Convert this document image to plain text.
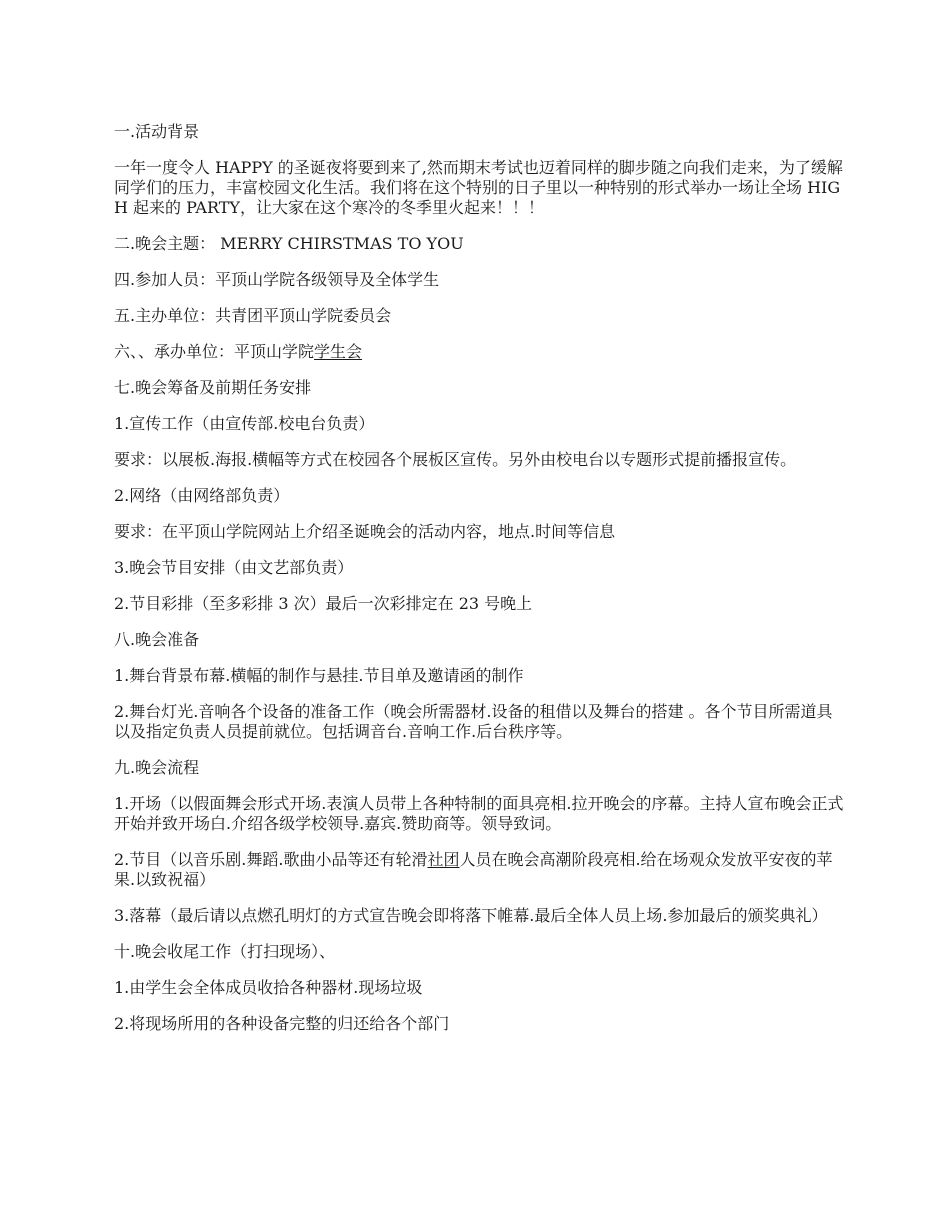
一.活动背景

一年一度令人 HAPPY 的圣诞夜将要到来了,然而期末考试也迈着同样的脚步随之向我们走来，为了缓解同学们的压力，丰富校园文化生活。我们将在这个特别的日子里以一种特别的形式举办一场让全场 HIGH 起来的 PARTY，让大家在这个寒冷的冬季里火起来！！！

二.晚会主题： MERRY CHIRSTMAS TO YOU

四.参加人员：平顶山学院各级领导及全体学生

五.主办单位：共青团平顶山学院委员会

六、、承办单位：平顶山学院学生会

七.晚会筹备及前期任务安排

1.宣传工作（由宣传部.校电台负责）

要求：以展板.海报.横幅等方式在校园各个展板区宣传。另外由校电台以专题形式提前播报宣传。

2.网络（由网络部负责）

要求：在平顶山学院网站上介绍圣诞晚会的活动内容，地点.时间等信息

3.晚会节目安排（由文艺部负责）

2.节目彩排（至多彩排 3 次）最后一次彩排定在 23 号晚上

八.晚会准备

1.舞台背景布幕.横幅的制作与悬挂.节目单及邀请函的制作

2.舞台灯光.音响各个设备的准备工作（晚会所需器材.设备的租借以及舞台的搭建 。各个节目所需道具以及指定负责人员提前就位。包括调音台.音响工作.后台秩序等。

九.晚会流程

1.开场（以假面舞会形式开场.表演人员带上各种特制的面具亮相.拉开晚会的序幕。主持人宣布晚会正式开始并致开场白.介绍各级学校领导.嘉宾.赞助商等。领导致词。

2.节目（以音乐剧.舞蹈.歌曲小品等还有轮滑社团人员在晚会高潮阶段亮相.给在场观众发放平安夜的苹果.以致祝福）

3.落幕（最后请以点燃孔明灯的方式宣告晚会即将落下帷幕.最后全体人员上场.参加最后的颁奖典礼）

十.晚会收尾工作（打扫现场）、

1.由学生会全体成员收拾各种器材.现场垃圾

2.将现场所用的各种设备完整的归还给各个部门
